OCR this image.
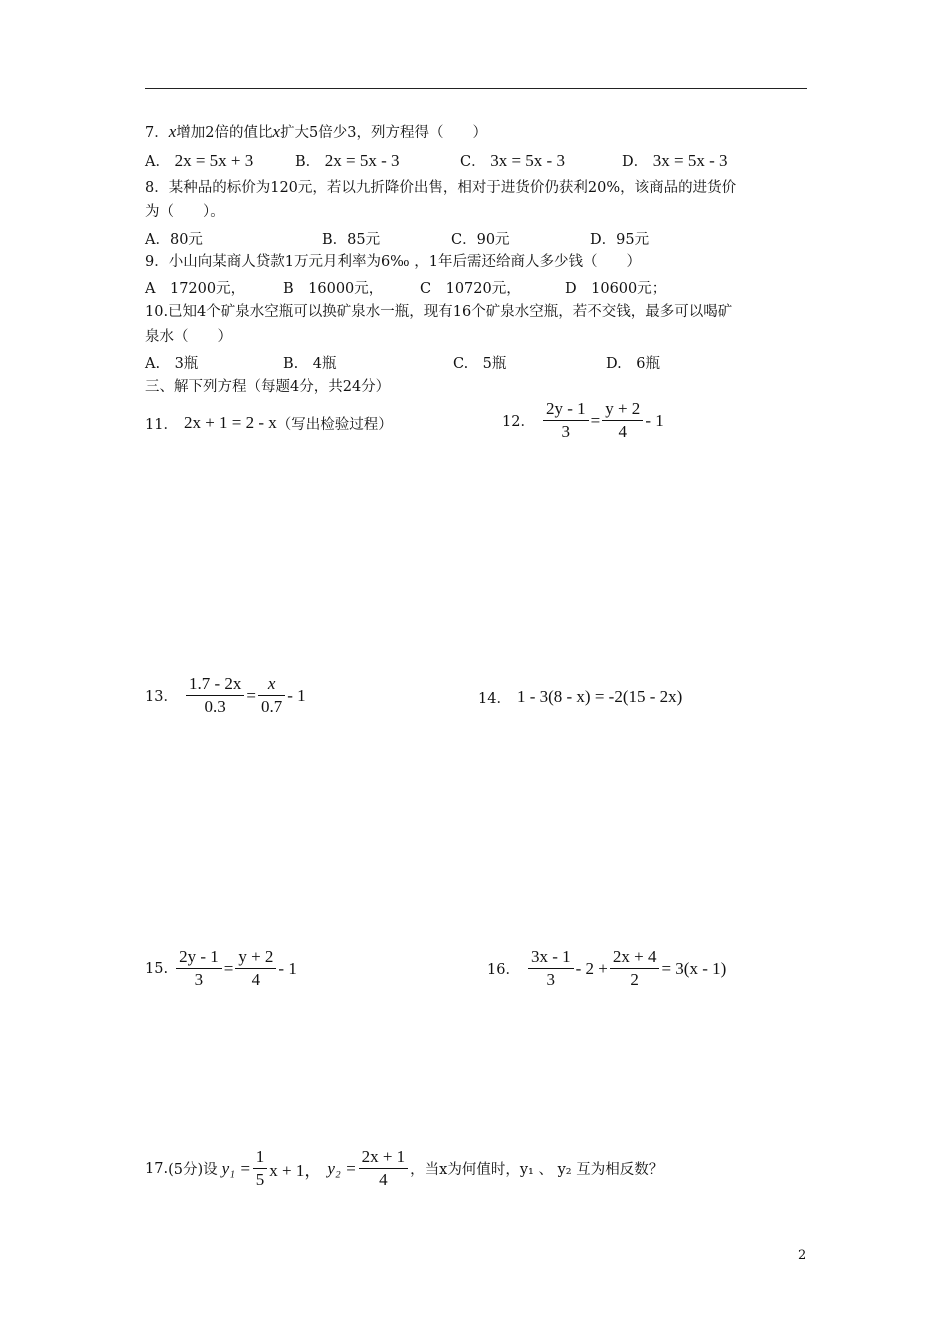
7．x增加2倍的值比x扩大5倍少3，列方程得（　　）
A． 2x = 5x + 3	B． 2x = 5x - 3	C． 3x = 5x - 3	D． 3x = 5x - 3
8．某种品的标价为120元，若以九折降价出售，相对于进货价仍获利20%，该商品的进货价
为（　　）。
A．80元	B．85元	C．90元	D．95元
9．小山向某商人贷款1万元月利率为6‰ ，1年后需还给商人多少钱（　　）
A　17200元，	B　16000元，	C　10720元，	D　10600元；
10.已知4个矿泉水空瓶可以换矿泉水一瓶，现有16个矿泉水空瓶，若不交钱，最多可以喝矿
泉水（　　）
A.　3瓶	B.　4瓶	C.　5瓶	D.　6瓶
三、解下列方程（每题4分，共24分）
11． 2x + 1 = 2 - x （写出检验过程）	12． $\frac{2y - 1}{3} = \frac{y + 2}{4} - 1$
13． $\frac{1.7 - 2x}{0.3} = \frac{x}{0.7} - 1$	14． 1 - 3(8 - x) = -2(15 - 2x)
15. $\frac{2y - 1}{3} = \frac{y + 2}{4} - 1$	16． $\frac{3x - 1}{3} - 2 + \frac{2x + 4}{2} = 3(x - 1)$
17. (5分)设 $y_1 = \frac{1}{5}$ x + 1， $y_2 = \frac{2x + 1}{4}$ ，当x为何值时， y₁ 、 y₂ 互为相反数？
2
